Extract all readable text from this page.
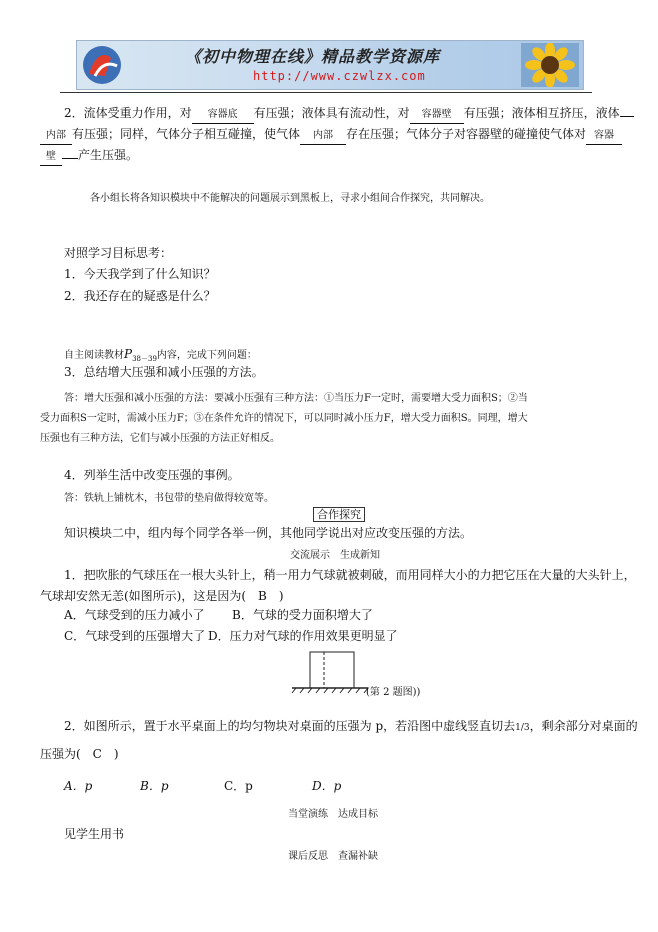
《初中物理在线》精品教学资源库
http://www.czwlzx.com
2．流体受重力作用，对 容器底 有压强；液体具有流动性，对 容器壁 有压强；液体相互挤压，液体
内部 有压强；同样，气体分子相互碰撞，使气体 内部 存在压强；气体分子对容器壁的碰撞使气体对 容器
壁 产生压强。
各小组长将各知识模块中不能解决的问题展示到黑板上，寻求小组间合作探究，共同解决。
对照学习目标思考：
1．今天我学到了什么知识？
2．我还存在的疑惑是什么？
自主阅读教材$P_{38-39}$内容，完成下列问题：
3．总结增大压强和减小压强的方法。
答：增大压强和减小压强的方法：要减小压强有三种方法：①当压力F一定时，需要增大受力面积S；②当
受力面积S一定时，需减小压力F；③在条件允许的情况下，可以同时减小压力F，增大受力面积S。同理，增大
压强也有三种方法，它们与减小压强的方法正好相反。
4．列举生活中改变压强的事例。
答：铁轨上铺枕木，书包带的垫肩做得较宽等。
合作探究
知识模块二中，组内每个同学各举一例，其他同学说出对应改变压强的方法。
交流展示　生成新知
1．把吹胀的气球压在一根大头针上，稍一用力气球就被刺破，而用同样大小的力把它压在大量的大头针上，
气球却安然无恙(如图所示)，这是因为(　B　)
A．气球受到的压力减小了 B．气球的受力面积增大了
C．气球受到的压强增大了 D．压力对气球的作用效果更明显了
(第 2 题图))
2．如图所示，置于水平桌面上的均匀物块对桌面的压强为 p，若沿图中虚线竖直切去1/3，剩余部分对桌面的
压强为(　C　)
A．p	B．p	C．p	D．p
当堂演练　达成目标
见学生用书
课后反思　查漏补缺
